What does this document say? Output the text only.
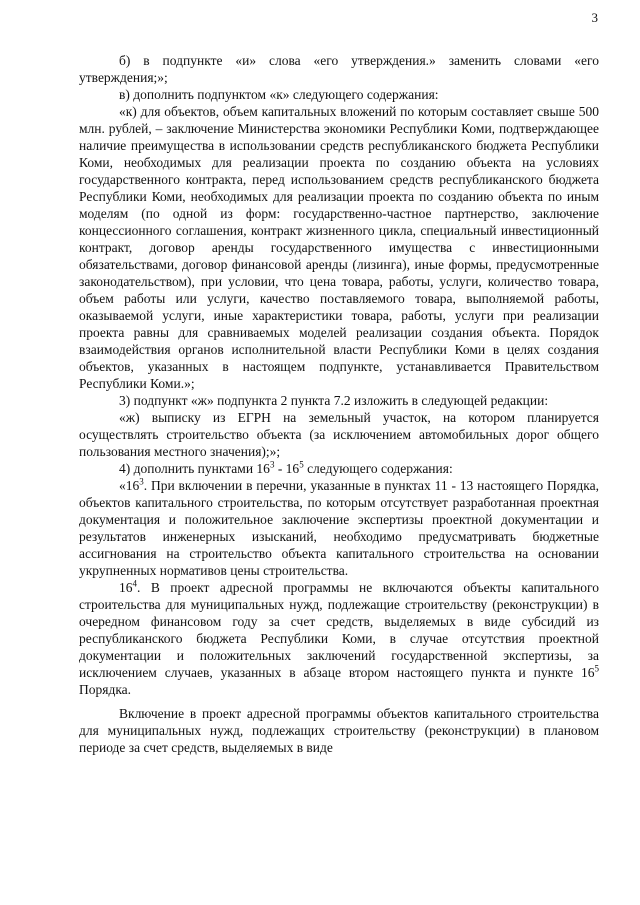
3

б) в подпункте «и» слова «его утверждения.» заменить словами «его утверждения;»;

в) дополнить подпунктом «к» следующего содержания:

«к) для объектов, объем капитальных вложений по которым составляет свыше 500 млн. рублей, – заключение Министерства экономики Республики Коми, подтверждающее наличие преимущества в использовании средств республиканского бюджета Республики Коми, необходимых для реализации проекта по созданию объекта на условиях государственного контракта, перед использованием средств республиканского бюджета Республики Коми, необходимых для реализации проекта по созданию объекта по иным моделям (по одной из форм: государственно-частное партнерство, заключение концессионного соглашения, контракт жизненного цикла, специальный инвестиционный контракт, договор аренды государственного имущества с инвестиционными обязательствами, договор финансовой аренды (лизинга), иные формы, предусмотренные законодательством), при условии, что цена товара, работы, услуги, количество товара, объем работы или услуги, качество поставляемого товара, выполняемой работы, оказываемой услуги, иные характеристики товара, работы, услуги при реализации проекта равны для сравниваемых моделей реализации создания объекта. Порядок взаимодействия органов исполнительной власти Республики Коми в целях создания объектов, указанных в настоящем подпункте, устанавливается Правительством Республики Коми.»;

3) подпункт «ж» подпункта 2 пункта 7.2 изложить в следующей редакции:

«ж) выписку из ЕГРН на земельный участок, на котором планируется осуществлять строительство объекта (за исключением автомобильных дорог общего пользования местного значения);»;

4) дополнить пунктами $16^3 - 16^5$ следующего содержания:

«$16^3$. При включении в перечни, указанные в пунктах 11 - 13 настоящего Порядка, объектов капитального строительства, по которым отсутствует разработанная проектная документация и положительное заключение экспертизы проектной документации и результатов инженерных изысканий, необходимо предусматривать бюджетные ассигнования на строительство объекта капитального строительства на основании укрупненных нормативов цены строительства.

$16^4$. В проект адресной программы не включаются объекты капитального строительства для муниципальных нужд, подлежащие строительству (реконструкции) в очередном финансовом году за счет средств, выделяемых в виде субсидий из республиканского бюджета Республики Коми, в случае отсутствия проектной документации и положительных заключений государственной экспертизы, за исключением случаев, указанных в абзаце втором настоящего пункта и пункте $16^5$ Порядка.

Включение в проект адресной программы объектов капитального строительства для муниципальных нужд, подлежащих строительству (реконструкции) в плановом периоде за счет средств, выделяемых в виде
